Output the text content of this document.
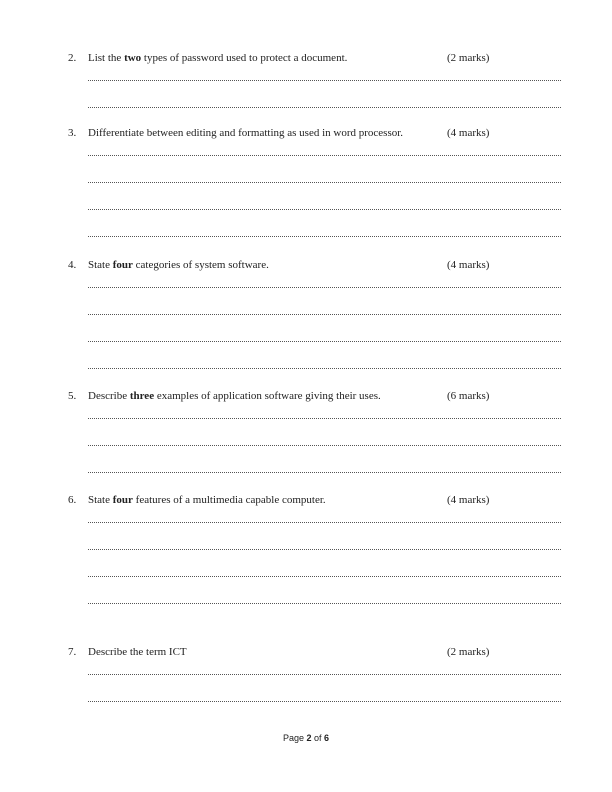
2. List the two types of password used to protect a document.	(2 marks)
3. Differentiate between editing and formatting as used in word processor.	(4 marks)
4. State four categories of system software.	(4 marks)
5. Describe three examples of application software giving their uses.	(6 marks)
6. State four features of a multimedia capable computer.	(4 marks)
7. Describe the term ICT	(2 marks)
Page 2 of 6
